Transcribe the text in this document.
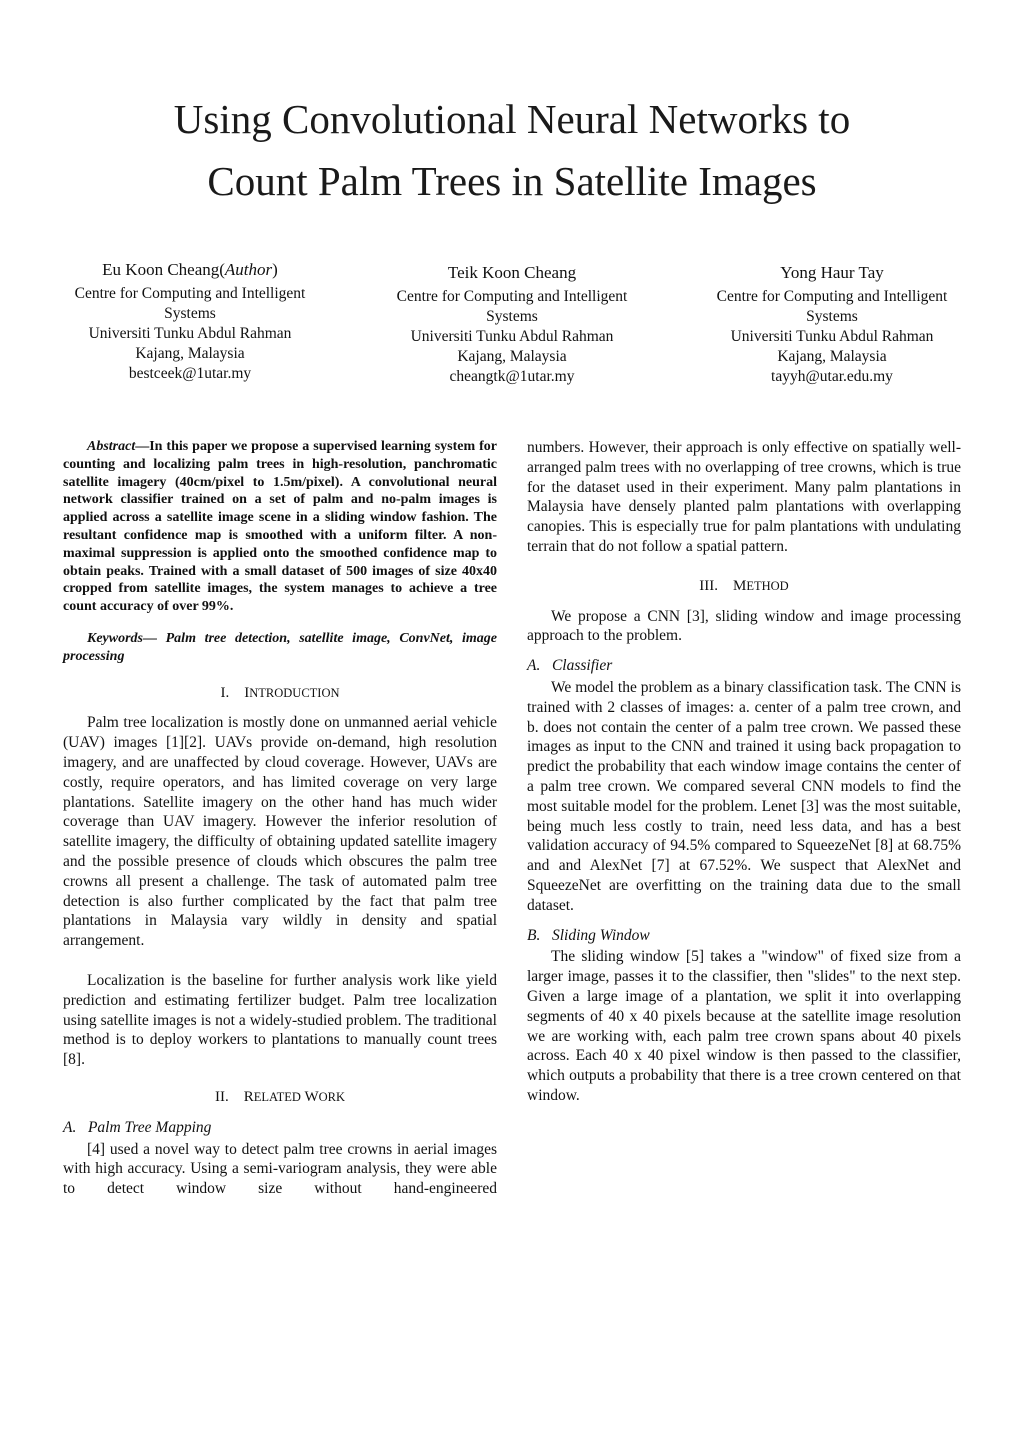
Using Convolutional Neural Networks to
Count Palm Trees in Satellite Images
Eu Koon Cheang(Author)
Centre for Computing and Intelligent
Systems
Universiti Tunku Abdul Rahman
Kajang, Malaysia
bestceek@1utar.my
Teik Koon Cheang
Centre for Computing and Intelligent
Systems
Universiti Tunku Abdul Rahman
Kajang, Malaysia
cheangtk@1utar.my
Yong Haur Tay
Centre for Computing and Intelligent
Systems
Universiti Tunku Abdul Rahman
Kajang, Malaysia
tayyh@utar.edu.my

Abstract—In this paper we propose a supervised learning system for counting and localizing palm trees in high-resolution, panchromatic satellite imagery (40cm/pixel to 1.5m/pixel). A convolutional neural network classifier trained on a set of palm and no-palm images is applied across a satellite image scene in a sliding window fashion. The resultant confidence map is smoothed with a uniform filter. A non-maximal suppression is applied onto the smoothed confidence map to obtain peaks. Trained with a small dataset of 500 images of size 40x40 cropped from satellite images, the system manages to achieve a tree count accuracy of over 99%.

Keywords— Palm tree detection, satellite image, ConvNet, image processing

I. INTRODUCTION

Palm tree localization is mostly done on unmanned aerial vehicle (UAV) images [1][2]. UAVs provide on-demand, high resolution imagery, and are unaffected by cloud coverage. However, UAVs are costly, require operators, and has limited coverage on very large plantations. Satellite imagery on the other hand has much wider coverage than UAV imagery. However the inferior resolution of satellite imagery, the difficulty of obtaining updated satellite imagery and the possible presence of clouds which obscures the palm tree crowns all present a challenge. The task of automated palm tree detection is also further complicated by the fact that palm tree plantations in Malaysia vary wildly in density and spatial arrangement.

Localization is the baseline for further analysis work like yield prediction and estimating fertilizer budget. Palm tree localization using satellite images is not a widely-studied problem. The traditional method is to deploy workers to plantations to manually count trees [8].

II. RELATED WORK

A.   Palm Tree Mapping

[4] used a novel way to detect palm tree crowns in aerial images with high accuracy. Using a semi-variogram analysis, they were able to detect window size without hand-engineered

numbers. However, their approach is only effective on spatially well-arranged palm trees with no overlapping of tree crowns, which is true for the dataset used in their experiment. Many palm plantations in Malaysia have densely planted palm plantations with overlapping canopies. This is especially true for palm plantations with undulating terrain that do not follow a spatial pattern.

III. METHOD

We propose a CNN [3], sliding window and image processing approach to the problem.

A.   Classifier

We model the problem as a binary classification task. The CNN is trained with 2 classes of images: a. center of a palm tree crown, and b. does not contain the center of a palm tree crown. We passed these images as input to the CNN and trained it using back propagation to predict the probability that each window image contains the center of a palm tree crown. We compared several CNN models to find the most suitable model for the problem. Lenet [3] was the most suitable, being much less costly to train, need less data, and has a best validation accuracy of 94.5% compared to SqueezeNet [8] at 68.75% and and AlexNet [7] at 67.52%. We suspect that AlexNet and SqueezeNet are overfitting on the training data due to the small dataset.

B.   Sliding Window

The sliding window [5] takes a "window" of fixed size from a larger image, passes it to the classifier, then "slides" to the next step. Given a large image of a plantation, we split it into overlapping segments of 40 x 40 pixels because at the satellite image resolution we are working with, each palm tree crown spans about 40 pixels across. Each 40 x 40 pixel window is then passed to the classifier, which outputs a probability that there is a tree crown centered on that window.
